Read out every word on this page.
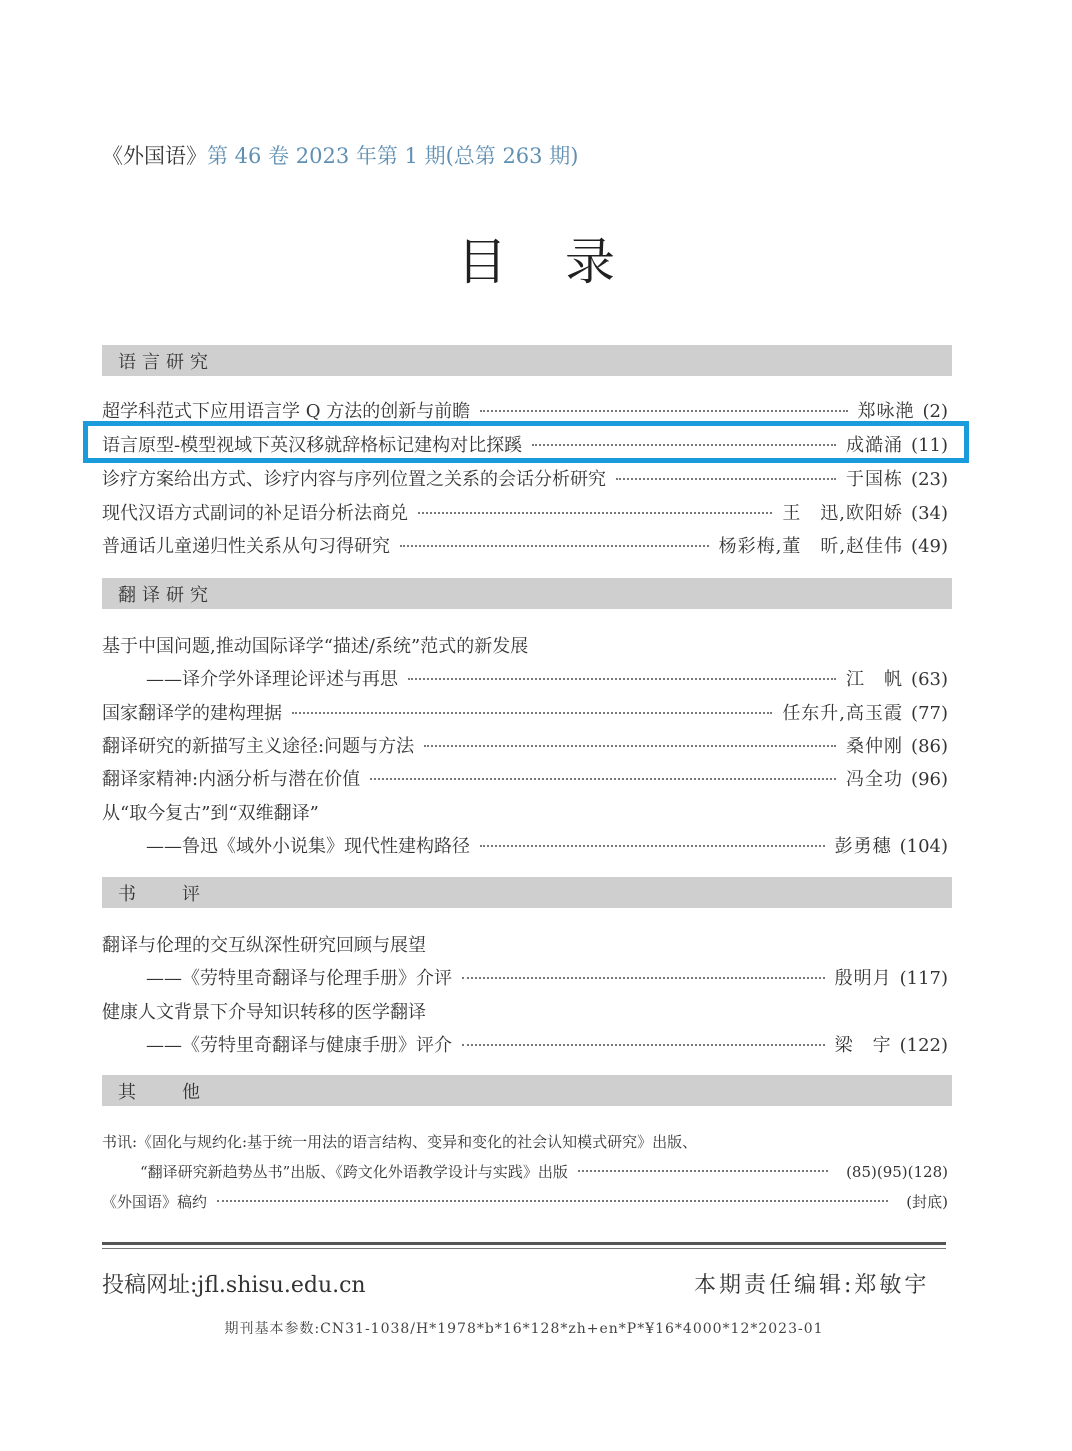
《外国语》第 46 卷 2023 年第 1 期(总第 263 期)
目录
语言研究
超学科范式下应用语言学 Q 方法的创新与前瞻	郑咏滟 (2)
语言原型-模型视域下英汉移就辞格标记建构对比探蹊	成澔涌 (11)
诊疗方案给出方式、诊疗内容与序列位置之关系的会话分析研究	于国栋 (23)
现代汉语方式副词的补足语分析法商兑	王　迅,欧阳娇 (34)
普通话儿童递归性关系从句习得研究	杨彩梅,董　昕,赵佳伟 (49)
翻译研究
基于中国问题,推动国际译学“描述/系统”范式的新发展
——译介学外译理论评述与再思	江　帆 (63)
国家翻译学的建构理据	任东升,高玉霞 (77)
翻译研究的新描写主义途径:问题与方法	桑仲刚 (86)
翻译家精神:内涵分析与潜在价值	冯全功 (96)
从“取今复古”到“双维翻译”
——鲁迅《域外小说集》现代性建构路径	彭勇穗 (104)
书评
翻译与伦理的交互纵深性研究回顾与展望
——《劳特里奇翻译与伦理手册》介评	殷明月 (117)
健康人文背景下介导知识转移的医学翻译
——《劳特里奇翻译与健康手册》评介	梁　宇 (122)
其他
书讯:《固化与规约化:基于统一用法的语言结构、变异和变化的社会认知模式研究》出版、
“翻译研究新趋势丛书”出版、《跨文化外语教学设计与实践》出版	(85)(95)(128)
《外国语》稿约	(封底)
投稿网址:jfl.shisu.edu.cn	本期责任编辑:郑敏宇
期刊基本参数:CN31-1038/H*1978*b*16*128*zh+en*P*¥16*4000*12*2023-01
